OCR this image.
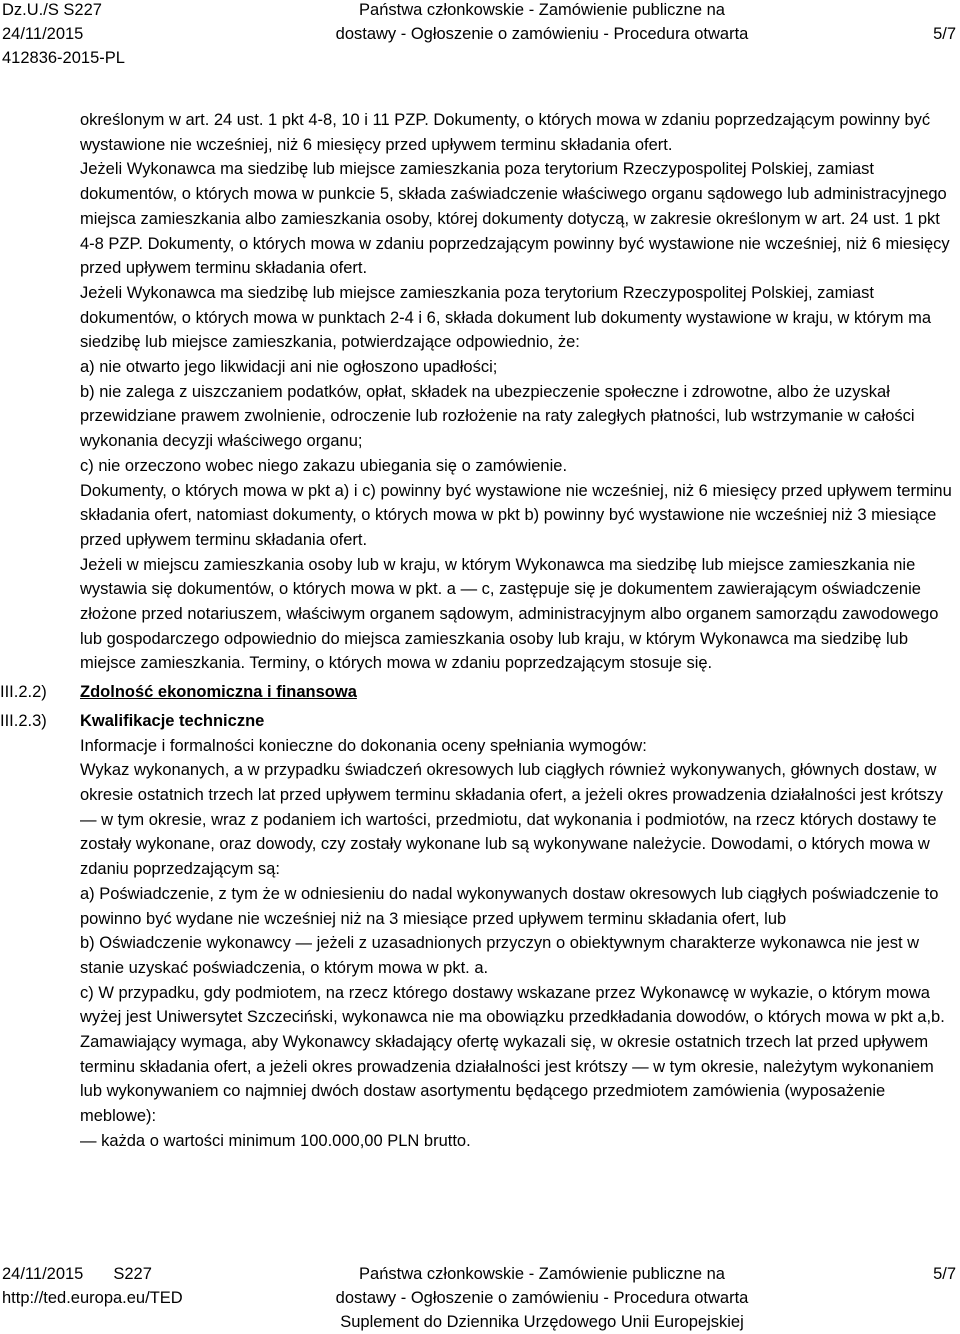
Dz.U./S S227
24/11/2015
412836-2015-PL
Państwa członkowskie - Zamówienie publiczne na
dostawy - Ogłoszenie o zamówieniu - Procedura otwarta	5/7

określonym w art. 24 ust. 1 pkt 4-8, 10 i 11 PZP. Dokumenty, o których mowa w zdaniu poprzedzającym powinny być wystawione nie wcześniej, niż 6 miesięcy przed upływem terminu składania ofert.

Jeżeli Wykonawca ma siedzibę lub miejsce zamieszkania poza terytorium Rzeczypospolitej Polskiej, zamiast dokumentów, o których mowa w punkcie 5, składa zaświadczenie właściwego organu sądowego lub administracyjnego miejsca zamieszkania albo zamieszkania osoby, której dokumenty dotyczą, w zakresie określonym w art. 24 ust. 1 pkt 4-8 PZP. Dokumenty, o których mowa w zdaniu poprzedzającym powinny być wystawione nie wcześniej, niż 6 miesięcy przed upływem terminu składania ofert.

Jeżeli Wykonawca ma siedzibę lub miejsce zamieszkania poza terytorium Rzeczypospolitej Polskiej, zamiast dokumentów, o których mowa w punktach 2-4 i 6, składa dokument lub dokumenty wystawione w kraju, w którym ma siedzibę lub miejsce zamieszkania, potwierdzające odpowiednio, że:

a) nie otwarto jego likwidacji ani nie ogłoszono upadłości;

b) nie zalega z uiszczaniem podatków, opłat, składek na ubezpieczenie społeczne i zdrowotne, albo że uzyskał przewidziane prawem zwolnienie, odroczenie lub rozłożenie na raty zaległych płatności, lub wstrzymanie w całości wykonania decyzji właściwego organu;

c) nie orzeczono wobec niego zakazu ubiegania się o zamówienie.

Dokumenty, o których mowa w pkt a) i c) powinny być wystawione nie wcześniej, niż 6 miesięcy przed upływem terminu składania ofert, natomiast dokumenty, o których mowa w pkt b) powinny być wystawione nie wcześniej niż 3 miesiące przed upływem terminu składania ofert.

Jeżeli w miejscu zamieszkania osoby lub w kraju, w którym Wykonawca ma siedzibę lub miejsce zamieszkania nie wystawia się dokumentów, o których mowa w pkt. a — c, zastępuje się je dokumentem zawierającym oświadczenie złożone przed notariuszem, właściwym organem sądowym, administracyjnym albo organem samorządu zawodowego lub gospodarczego odpowiednio do miejsca zamieszkania osoby lub kraju, w którym Wykonawca ma siedzibę lub miejsce zamieszkania. Terminy, o których mowa w zdaniu poprzedzającym stosuje się.

III.2.2)	Zdolność ekonomiczna i finansowa
III.2.3)	Kwalifikacje techniczne

Informacje i formalności konieczne do dokonania oceny spełniania wymogów:

Wykaz wykonanych, a w przypadku świadczeń okresowych lub ciągłych również wykonywanych, głównych dostaw, w okresie ostatnich trzech lat przed upływem terminu składania ofert, a jeżeli okres prowadzenia działalności jest krótszy — w tym okresie, wraz z podaniem ich wartości, przedmiotu, dat wykonania i podmiotów, na rzecz których dostawy te zostały wykonane, oraz dowody, czy zostały wykonane lub są wykonywane należycie. Dowodami, o których mowa w zdaniu poprzedzającym są:

a) Poświadczenie, z tym że w odniesieniu do nadal wykonywanych dostaw okresowych lub ciągłych poświadczenie to powinno być wydane nie wcześniej niż na 3 miesiące przed upływem terminu składania ofert, lub

b) Oświadczenie wykonawcy — jeżeli z uzasadnionych przyczyn o obiektywnym charakterze wykonawca nie jest w stanie uzyskać poświadczenia, o którym mowa w pkt. a.

c) W przypadku, gdy podmiotem, na rzecz którego dostawy wskazane przez Wykonawcę w wykazie, o którym mowa wyżej jest Uniwersytet Szczeciński, wykonawca nie ma obowiązku przedkładania dowodów, o których mowa w pkt a,b.

Zamawiający wymaga, aby Wykonawcy składający ofertę wykazali się, w okresie ostatnich trzech lat przed upływem terminu składania ofert, a jeżeli okres prowadzenia działalności jest krótszy — w tym okresie, należytym wykonaniem lub wykonywaniem co najmniej dwóch dostaw asortymentu będącego przedmiotem zamówienia (wyposażenie meblowe):

— każda o wartości minimum 100.000,00 PLN brutto.

24/11/2015 S227
http://ted.europa.eu/TED
Państwa członkowskie - Zamówienie publiczne na
dostawy - Ogłoszenie o zamówieniu - Procedura otwarta
Suplement do Dziennika Urzędowego Unii Europejskiej
5/7
